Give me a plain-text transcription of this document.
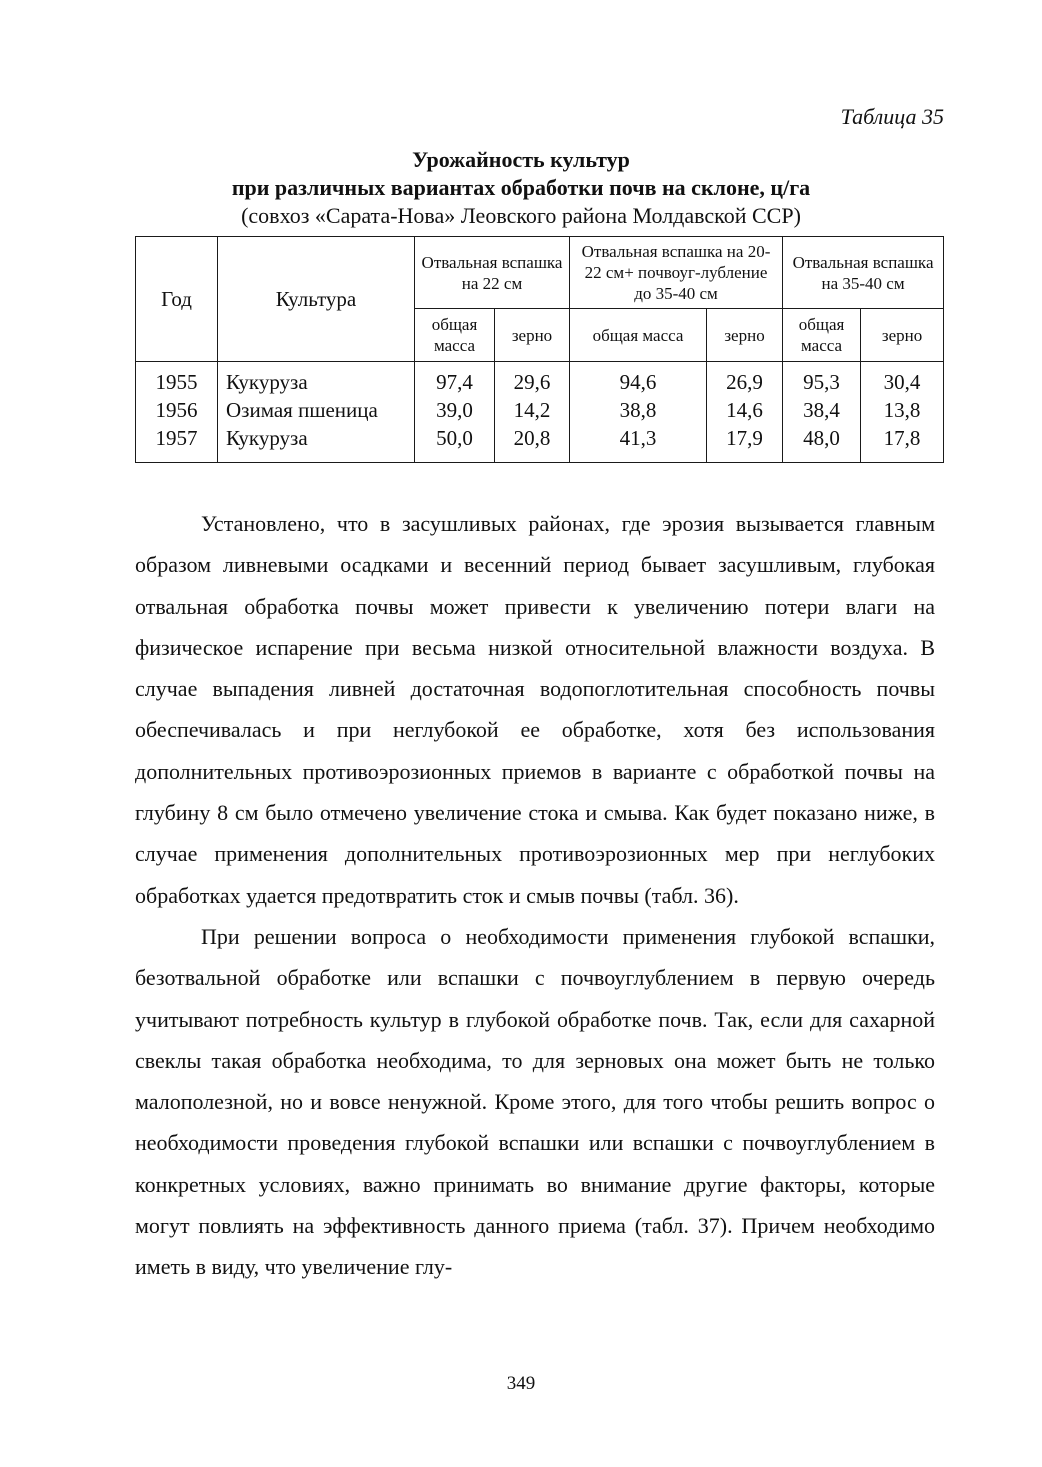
Таблица 35
Урожайность культур
при различных вариантах обработки почв на склоне, ц/га
(совхоз «Сарата-Нова» Леовского района Молдавской ССР)
Год	Культура	Отвальная вспашка на 22 см		Отвальная вспашка на 20-22 см+ почвоуг-лубление до 35-40 см		Отвальная вспашка на 35-40 см	
		общая масса	зерно	общая масса	зерно	общая масса	зерно
1955	Кукуруза	97,4	29,6	94,6	26,9	95,3	30,4
1956	Озимая пшеница	39,0	14,2	38,8	14,6	38,4	13,8
1957	Кукуруза	50,0	20,8	41,3	17,9	48,0	17,8

Установлено, что в засушливых районах, где эрозия вызывается главным образом ливневыми осадками и весенний период бывает засушливым, глубокая отвальная обработка почвы может привести к увеличению потери влаги на физическое испарение при весьма низкой относительной влажности воздуха. В случае выпадения ливней достаточная водопоглотительная способность почвы обеспечивалась и при неглубокой ее обработке, хотя без использования дополнительных противоэрозионных приемов в варианте с обработкой почвы на глубину 8 см было отмечено увеличение стока и смыва. Как будет показано ниже, в случае применения дополнительных противоэрозионных мер при неглубоких обработках удается предотвратить сток и смыв почвы (табл. 36).

При решении вопроса о необходимости применения глубокой вспашки, безотвальной обработке или вспашки с почвоуглублением в первую очередь учитывают потребность культур в глубокой обработке почв. Так, если для сахарной свеклы такая обработка необходима, то для зерновых она может быть не только малополезной, но и вовсе ненужной. Кроме этого, для того чтобы решить вопрос о необходимости проведения глубокой вспашки или вспашки с почвоуглублением в конкретных условиях, важно принимать во внимание другие факторы, которые могут повлиять на эффективность данного приема (табл. 37). Причем необходимо иметь в виду, что увеличение глу-

349
